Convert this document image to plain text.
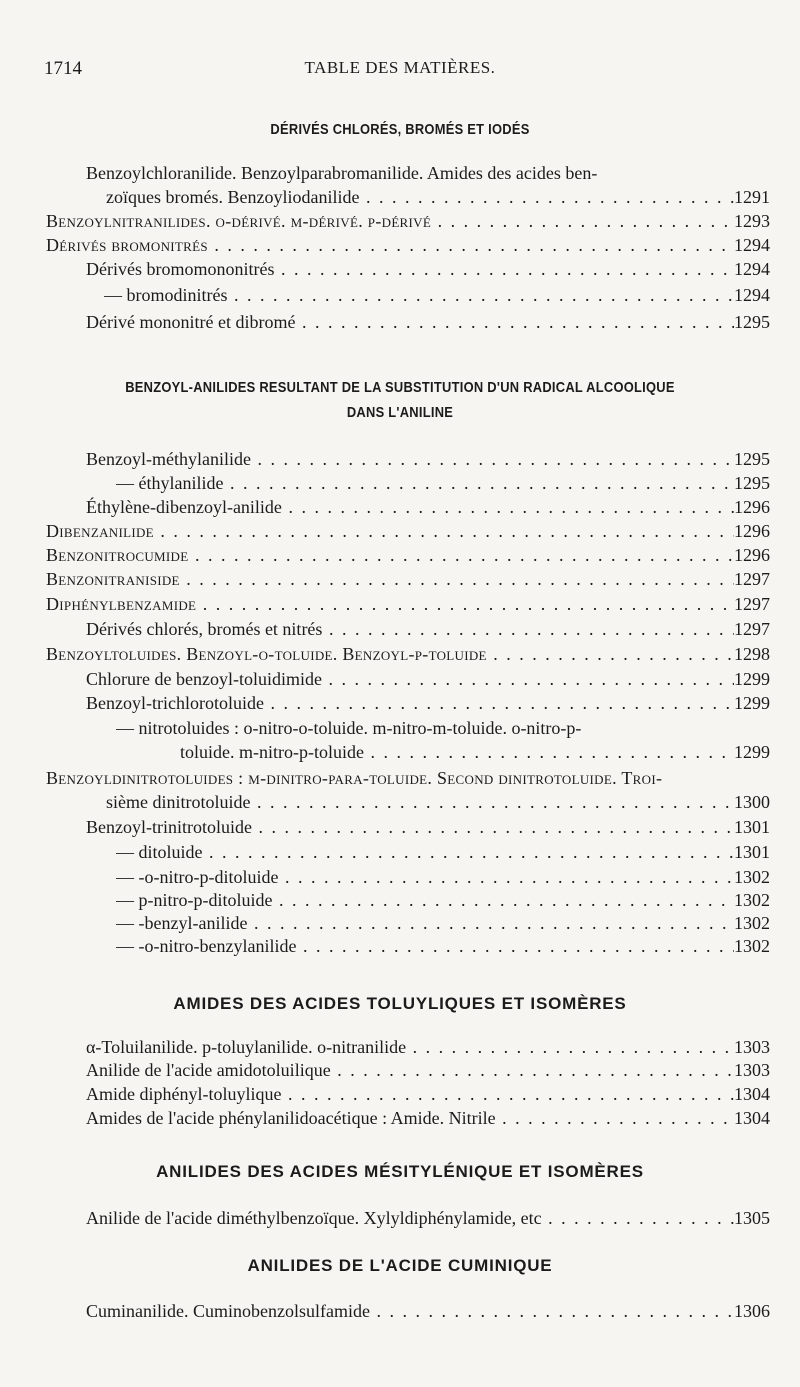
1714	TABLE DES MATIÈRES.
DÉRIVÉS CHLORÉS, BROMÉS ET IODÉS
Benzoylchloranilide. Benzoylparabromanilide. Amides des acides ben-
zoïques bromés. Benzoyliodanilide . . .	1291
Benzoylnitranilides. o-dérivé. m-dérivé. p-dérivé . . .	1293
Dérivés bromonitrés . . .	1294
Dérivés bromomononitrés . . .	1294
— bromodinitrés . . .	1294
Dérivé mononitré et dibromé . . .	1295
BENZOYL-ANILIDES RESULTANT DE LA SUBSTITUTION D'UN RADICAL ALCOOLIQUE
DANS L'ANILINE
Benzoyl-méthylanilide . . .	1295
— éthylanilide . . .	1295
Éthylène-dibenzoyl-anilide . . .	1296
Dibenzanilide . . .	1296
Benzonitrocumide . . .	1296
Benzonitraniside . . .	1297
Diphénylbenzamide . . .	1297
Dérivés chlorés, bromés et nitrés . . .	1297
Benzoyltoluides. Benzoyl-o-toluide. Benzoyl-p-toluide . . .	1298
Chlorure de benzoyl-toluidimide . . .	1299
Benzoyl-trichlorotoluide . . .	1299
— nitrotoluides : o-nitro-o-toluide. m-nitro-m-toluide. o-nitro-p-
toluide. m-nitro-p-toluide . . .	1299
Benzoyldinitrotoluides : m-dinitro-para-toluide. Second dinitrotoluide. Troi-
sième dinitrotoluide . . .	1300
Benzoyl-trinitrotoluide . . .	1301
— ditoluide . . .	1301
— -o-nitro-p-ditoluide . . .	1302
— p-nitro-p-ditoluide . . .	1302
— -benzyl-anilide . . .	1302
— -o-nitro-benzylanilide . . .	1302
AMIDES DES ACIDES TOLUYLIQUES ET ISOMÈRES
α-Toluilanilide. p-toluylanilide. o-nitranilide . . .	1303
Anilide de l'acide amidotoluilique . . .	1303
Amide diphényl-toluylique . . .	1304
Amides de l'acide phénylanilidoacétique : Amide. Nitrile . . .	1304
ANILIDES DES ACIDES MÉSITYLÉNIQUE ET ISOMÈRES
Anilide de l'acide diméthylbenzoïque. Xylyldiphénylamide, etc . . .	1305
ANILIDES DE L'ACIDE CUMINIQUE
Cuminanilide. Cuminobenzolsulfamide . . .	1306
